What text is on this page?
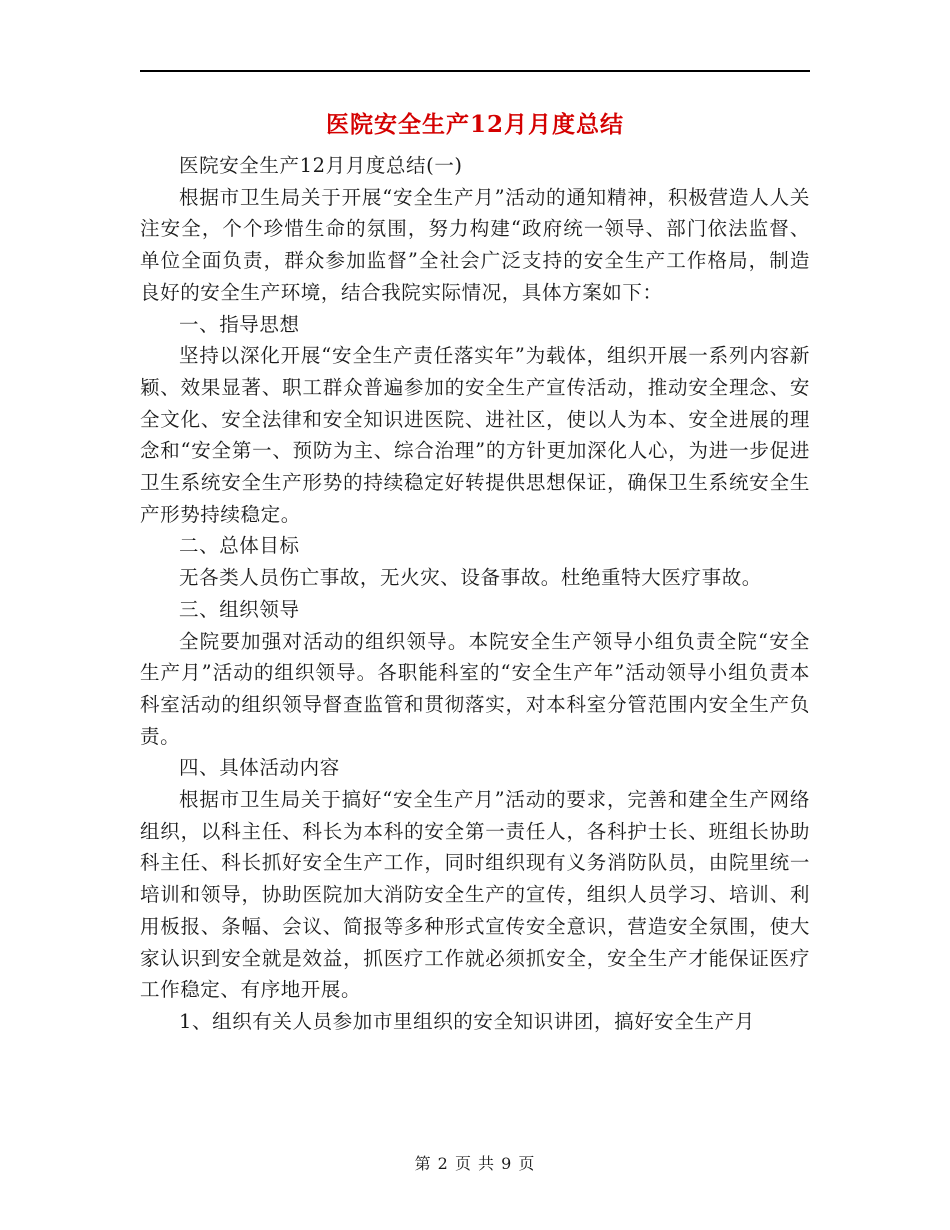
医院安全生产12月月度总结

医院安全生产12月月度总结(一)

根据市卫生局关于开展“安全生产月”活动的通知精神，积极营造人人关注安全，个个珍惜生命的氛围，努力构建“政府统一领导、部门依法监督、单位全面负责，群众参加监督”全社会广泛支持的安全生产工作格局，制造良好的安全生产环境，结合我院实际情况，具体方案如下：

一、指导思想

坚持以深化开展“安全生产责任落实年”为载体，组织开展一系列内容新颖、效果显著、职工群众普遍参加的安全生产宣传活动，推动安全理念、安全文化、安全法律和安全知识进医院、进社区，使以人为本、安全进展的理念和“安全第一、预防为主、综合治理”的方针更加深化人心，为进一步促进卫生系统安全生产形势的持续稳定好转提供思想保证，确保卫生系统安全生产形势持续稳定。

二、总体目标

无各类人员伤亡事故，无火灾、设备事故。杜绝重特大医疗事故。

三、组织领导

全院要加强对活动的组织领导。本院安全生产领导小组负责全院“安全生产月”活动的组织领导。各职能科室的“安全生产年”活动领导小组负责本科室活动的组织领导督查监管和贯彻落实，对本科室分管范围内安全生产负责。

四、具体活动内容

根据市卫生局关于搞好“安全生产月”活动的要求，完善和建全生产网络组织，以科主任、科长为本科的安全第一责任人，各科护士长、班组长协助科主任、科长抓好安全生产工作，同时组织现有义务消防队员，由院里统一培训和领导，协助医院加大消防安全生产的宣传，组织人员学习、培训、利用板报、条幅、会议、简报等多种形式宣传安全意识，营造安全氛围，使大家认识到安全就是效益，抓医疗工作就必须抓安全，安全生产才能保证医疗工作稳定、有序地开展。

1、组织有关人员参加市里组织的安全知识讲团，搞好安全生产月

第 2 页 共 9 页
